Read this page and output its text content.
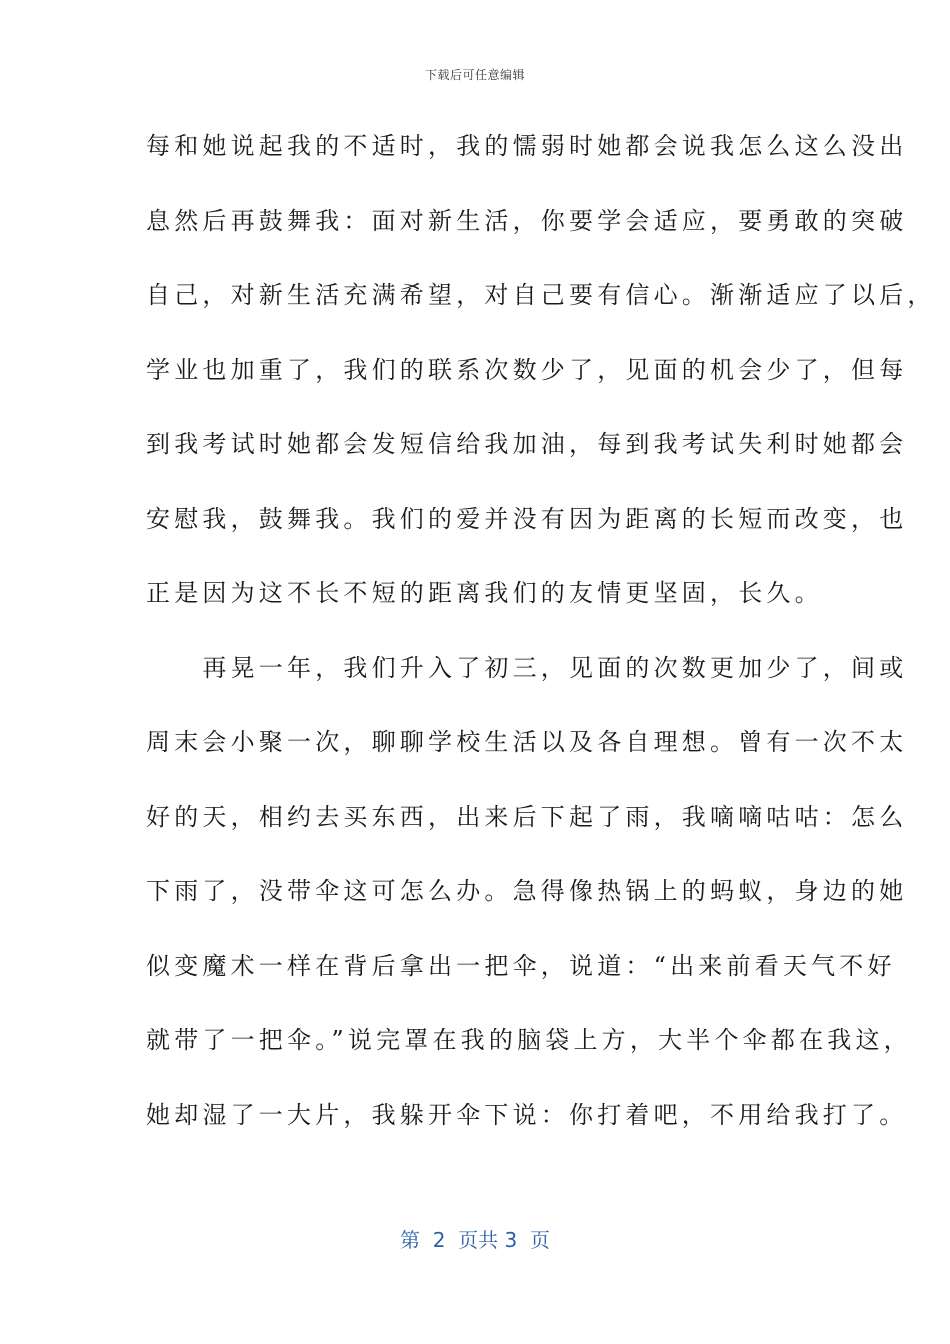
下载后可任意编辑
每和她说起我的不适时，我的懦弱时她都会说我怎么这么没出
息然后再鼓舞我：面对新生活，你要学会适应，要勇敢的突破
自己，对新生活充满希望，对自己要有信心。渐渐适应了以后，
学业也加重了，我们的联系次数少了，见面的机会少了，但每
到我考试时她都会发短信给我加油，每到我考试失利时她都会
安慰我，鼓舞我。我们的爱并没有因为距离的长短而改变，也
正是因为这不长不短的距离我们的友情更坚固，长久。
　　再晃一年，我们升入了初三，见面的次数更加少了，间或
周末会小聚一次，聊聊学校生活以及各自理想。曾有一次不太
好的天，相约去买东西，出来后下起了雨，我嘀嘀咕咕：怎么
下雨了，没带伞这可怎么办。急得像热锅上的蚂蚁，身边的她
似变魔术一样在背后拿出一把伞，说道：“出来前看天气不好
就带了一把伞。”说完罩在我的脑袋上方，大半个伞都在我这，
她却湿了一大片，我躲开伞下说：你打着吧，不用给我打了。
第  2  页共 3  页
